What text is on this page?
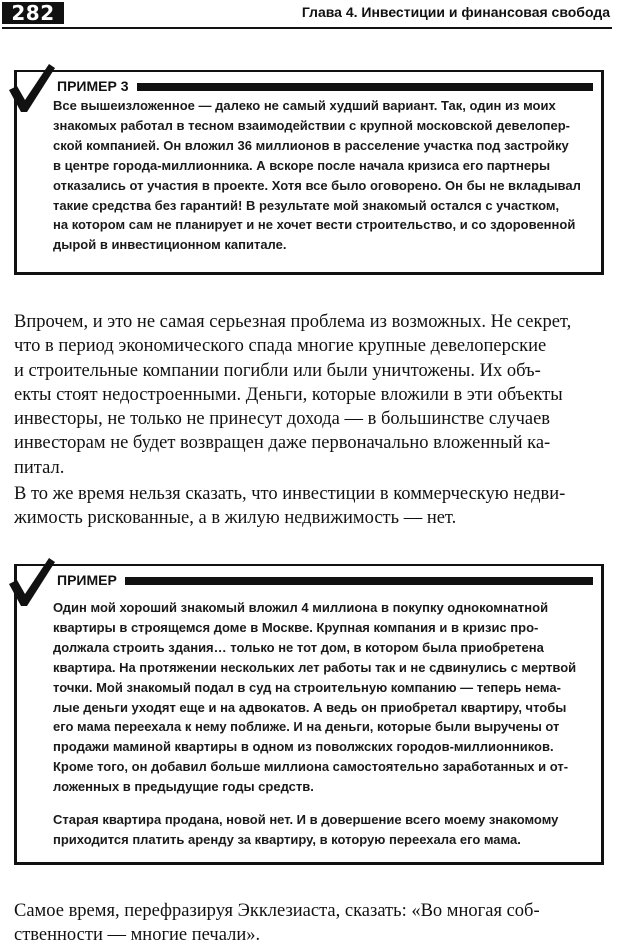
282	Глава 4. Инвестиции и финансовая свобода
ПРИМЕР 3
Все вышеизложенное — далеко не самый худший вариант. Так, один из моих
знакомых работал в тесном взаимодействии с крупной московской девелопер-
ской компанией. Он вложил 36 миллионов в расселение участка под застройку
в центре города-миллионника. А вскоре после начала кризиса его партнеры
отказались от участия в проекте. Хотя все было оговорено. Он бы не вкладывал
такие средства без гарантий! В результате мой знакомый остался с участком,
на котором сам не планирует и не хочет вести строительство, и со здоровенной
дырой в инвестиционном капитале.
Впрочем, и это не самая серьезная проблема из возможных. Не секрет,
что в период экономического спада многие крупные девелоперские
и строительные компании погибли или были уничтожены. Их объ-
екты стоят недостроенными. Деньги, которые вложили в эти объекты
инвесторы, не только не принесут дохода — в большинстве случаев
инвесторам не будет возвращен даже первоначально вложенный ка-
питал.
В то же время нельзя сказать, что инвестиции в коммерческую недви-
жимость рискованные, а в жилую недвижимость — нет.
ПРИМЕР
Один мой хороший знакомый вложил 4 миллиона в покупку однокомнатной
квартиры в строящемся доме в Москве. Крупная компания и в кризис про-
должала строить здания… только не тот дом, в котором была приобретена
квартира. На протяжении нескольких лет работы так и не сдвинулись с мертвой
точки. Мой знакомый подал в суд на строительную компанию — теперь нема-
лые деньги уходят еще и на адвокатов. А ведь он приобретал квартиру, чтобы
его мама переехала к нему поближе. И на деньги, которые были выручены от
продажи маминой квартиры в одном из поволжских городов-миллионников.
Кроме того, он добавил больше миллиона самостоятельно заработанных и от-
ложенных в предыдущие годы средств.
Старая квартира продана, новой нет. И в довершение всего моему знакомому
приходится платить аренду за квартиру, в которую переехала его мама.
Самое время, перефразируя Экклезиаста, сказать: «Во многая соб-
ственности — многие печали».
